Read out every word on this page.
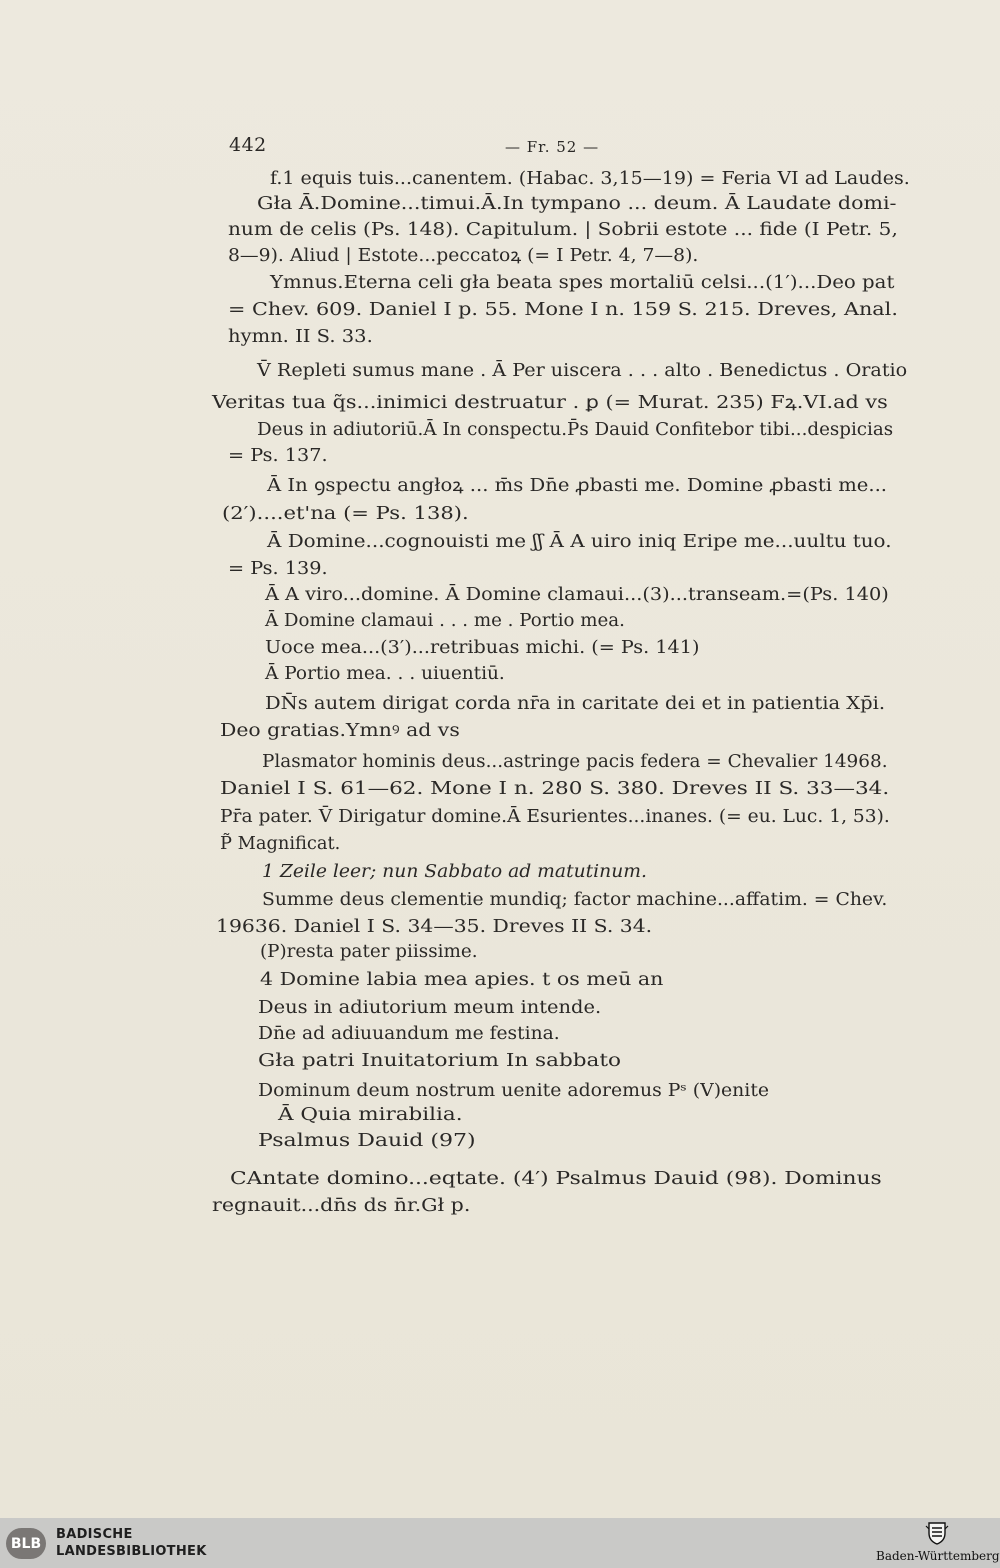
442	— Fr. 52 —
f.1 equis tuis...canentem. (Habac. 3,15—19) = Feria VI ad Laudes.
Gła Ā.Domine...timui.Ā.In tympano ... deum. Ā Laudate domi-
num de celis (Ps. 148). Capitulum. | Sobrii estote ... fide (I Petr. 5,
8—9). Aliud | Estote...peccatoꝝ (= I Petr. 4, 7—8).
Ymnus.Eterna celi gła beata spes mortaliū celsi...(1′)...Deo pat
= Chev. 609. Daniel I p. 55. Mone I n. 159 S. 215. Dreves, Anal.
hymn. II S. 33.
V̄ Repleti sumus mane . Ā Per uiscera . . . alto . Benedictus . Oratio
Veritas tua q̃s...inimici destruatur . ꝑ (= Murat. 235) Fꝝ.VI.ad vs
Deus in adiutoriū.Ā In conspectu.P̄s Dauid Confitebor tibi...despicias
= Ps. 137.
Ā In ꝯspectu angłoꝝ ... m̄s Dn̄e ꝓbasti me. Domine ꝓbasti me...
(2′)....et'na (= Ps. 138).
Ā Domine...cognouisti me ʃʃ Ā A uiro iniq Eripe me...uultu tuo.
= Ps. 139.
Ā A viro...domine. Ā Domine clamaui...(3)...transeam.=(Ps. 140)
Ā Domine clamaui . . . me . Portio mea.
Uoce mea...(3′)...retribuas michi. (= Ps. 141)
Ā Portio mea. . . uiuentiū.
DN̄s autem dirigat corda nr̄a in caritate dei et in patientia Xp̄i.
Deo gratias.Ymnꝰ ad vs
Plasmator hominis deus...astringe pacis federa = Chevalier 14968.
Daniel I S. 61—62. Mone I n. 280 S. 380. Dreves II S. 33—34.
Pr̄a pater. V̄ Dirigatur domine.Ā Esurientes...inanes. (= eu. Luc. 1, 53).
P̃ Magnificat.
1 Zeile leer; nun Sabbato ad matutinum.
Summe deus clementie mundiq; factor machine...affatim. = Chev.
19636. Daniel I S. 34—35. Dreves II S. 34.
(P)resta pater piissime.
4 Domine labia mea apies. t os meū an
Deus in adiutorium meum intende.
Dn̄e ad adiuuandum me festina.
Gła patri Inuitatorium In sabbato
Dominum deum nostrum uenite adoremus Pˢ (V)enite
Ā Quia mirabilia.
Psalmus Dauid (97)
CAntate domino...eqtate. (4′) Psalmus Dauid (98). Dominus
regnauit...dn̄s ds n̄r.Gł p.
BLB
BADISCHE
LANDESBIBLIOTHEK	Baden-Württemberg
